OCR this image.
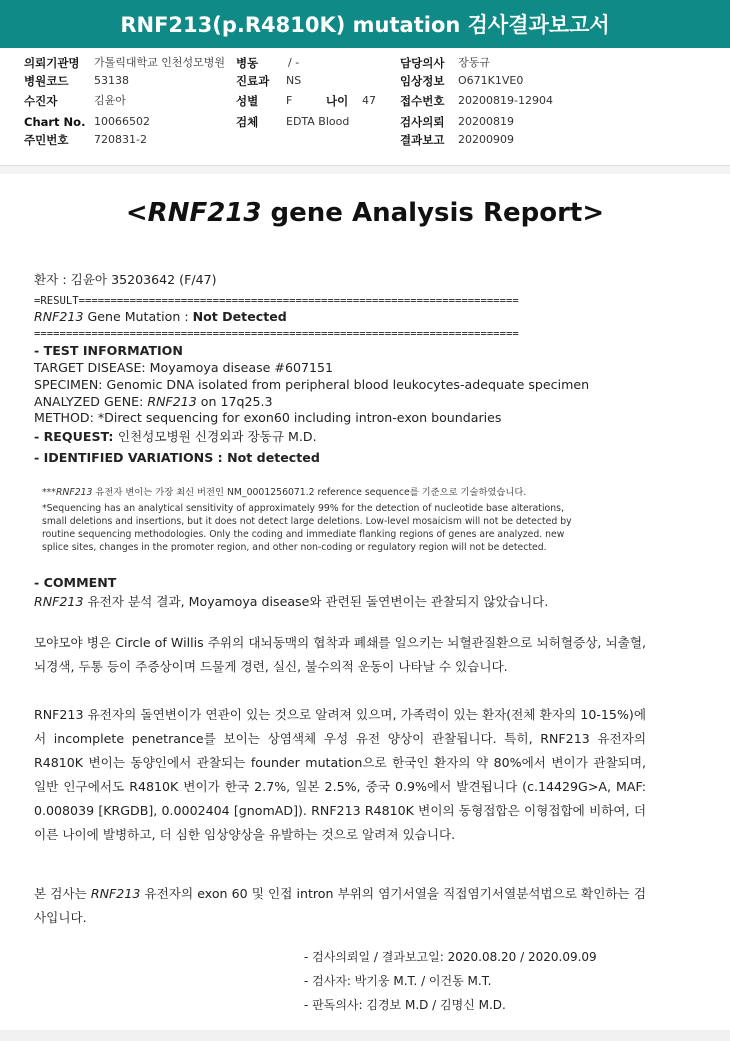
RNF213(p.R4810K) mutation 검사결과보고서
의뢰기관명 가톨릭대학교 인천성모병원 병동	/ -	담당의사 장동규
병원코드 53138	진료과 NS	임상정보 O671K1VE0
수진자	김윤아	성별	F	나이 47 접수번호 20200819-12904
Chart No. 10066502	검체	EDTA Blood	검사의뢰 20200819
주민번호 720831-2	결과보고 20200909
<RNF213 gene Analysis Report>
환자 : 김윤아 35203642 (F/47)
=RESULT=====================================================================
RNF213 Gene Mutation : Not Detected
============================================================================
- TEST INFORMATION
TARGET DISEASE: Moyamoya disease #607151
SPECIMEN: Genomic DNA isolated from peripheral blood leukocytes-adequate specimen
ANALYZED GENE: RNF213 on 17q25.3
METHOD: *Direct sequencing for exon60 including intron-exon boundaries
- REQUEST: 인천성모병원 신경외과 장동규 M.D.
- IDENTIFIED VARIATIONS : Not detected
***RNF213 유전자 변이는 가장 최신 버전인 NM_0001256071.2 reference sequence를 기준으로 기술하였습니다.
*Sequencing has an analytical sensitivity of approximately 99% for the detection of nucleotide base alterations,
small deletions and insertions, but it does not detect large deletions. Low-level mosaicism will not be detected by
routine sequencing methodologies. Only the coding and immediate flanking regions of genes are analyzed. new
splice sites, changes in the promoter region, and other non-coding or regulatory region will not be detected.
- COMMENT
RNF213 유전자 분석 결과, Moyamoya disease와 관련된 돌연변이는 관찰되지 않았습니다.
모야모야 병은 Circle of Willis 주위의 대뇌동맥의 협착과 폐쇄를 일으키는 뇌혈관질환으로 뇌허혈증상, 뇌출혈, 뇌경색, 두통 등이 주증상이며 드물게 경련, 실신, 불수의적 운동이 나타날 수 있습니다.
RNF213 유전자의 돌연변이가 연관이 있는 것으로 알려져 있으며, 가족력이 있는 환자(전체 환자의 10-15%)에서 incomplete penetrance를 보이는 상염색체 우성 유전 양상이 관찰됩니다. 특히, RNF213 유전자의 R4810K 변이는 동양인에서 관찰되는 founder mutation으로 한국인 환자의 약 80%에서 변이가 관찰되며, 일반 인구에서도 R4810K 변이가 한국 2.7%, 일본 2.5%, 중국 0.9%에서 발견됩니다 (c.14429G>A, MAF: 0.008039 [KRGDB], 0.0002404 [gnomAD]). RNF213 R4810K 변이의 동형접합은 이형접합에 비하여, 더 이른 나이에 발병하고, 더 심한 임상양상을 유발하는 것으로 알려져 있습니다.
본 검사는 RNF213 유전자의 exon 60 및 인접 intron 부위의 염기서열을 직접염기서열분석법으로 확인하는 검사입니다.
- 검사의뢰일 / 결과보고일: 2020.08.20 / 2020.09.09
- 검사자: 박기웅 M.T. / 이건동 M.T.
- 판독의사: 김경보 M.D / 김명신 M.D.
